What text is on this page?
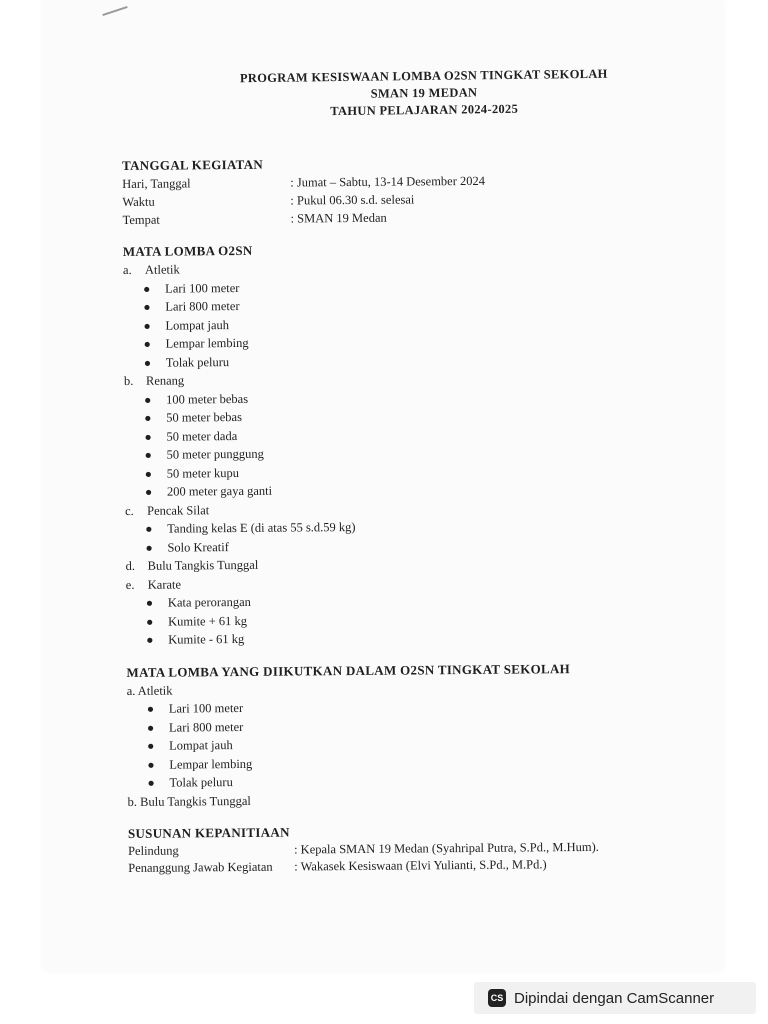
PROGRAM KESISWAAN LOMBA O2SN TINGKAT SEKOLAH
SMAN 19 MEDAN
TAHUN PELAJARAN 2024-2025
TANGGAL KEGIATAN
Hari, Tanggal	: Jumat – Sabtu, 13-14 Desember 2024
Waktu	: Pukul 06.30 s.d. selesai
Tempat	: SMAN 19 Medan
MATA LOMBA O2SN
a.	Atletik
●	Lari 100 meter
●	Lari 800 meter
●	Lompat jauh
●	Lempar lembing
●	Tolak peluru
b.	Renang
●	100 meter bebas
●	50 meter bebas
●	50 meter dada
●	50 meter punggung
●	50 meter kupu
●	200 meter gaya ganti
c.	Pencak Silat
●	Tanding kelas E (di atas 55 s.d.59 kg)
●	Solo Kreatif
d.	Bulu Tangkis Tunggal
e.	Karate
●	Kata perorangan
●	Kumite + 61 kg
●	Kumite - 61 kg
MATA LOMBA YANG DIIKUTKAN DALAM O2SN TINGKAT SEKOLAH
a. Atletik
●	Lari 100 meter
●	Lari 800 meter
●	Lompat jauh
●	Lempar lembing
●	Tolak peluru
b. Bulu Tangkis Tunggal
SUSUNAN KEPANITIAAN
Pelindung	: Kepala SMAN 19 Medan (Syahripal Putra, S.Pd., M.Hum).
Penanggung Jawab Kegiatan	: Wakasek Kesiswaan (Elvi Yulianti, S.Pd., M.Pd.)
CS Dipindai dengan CamScanner
